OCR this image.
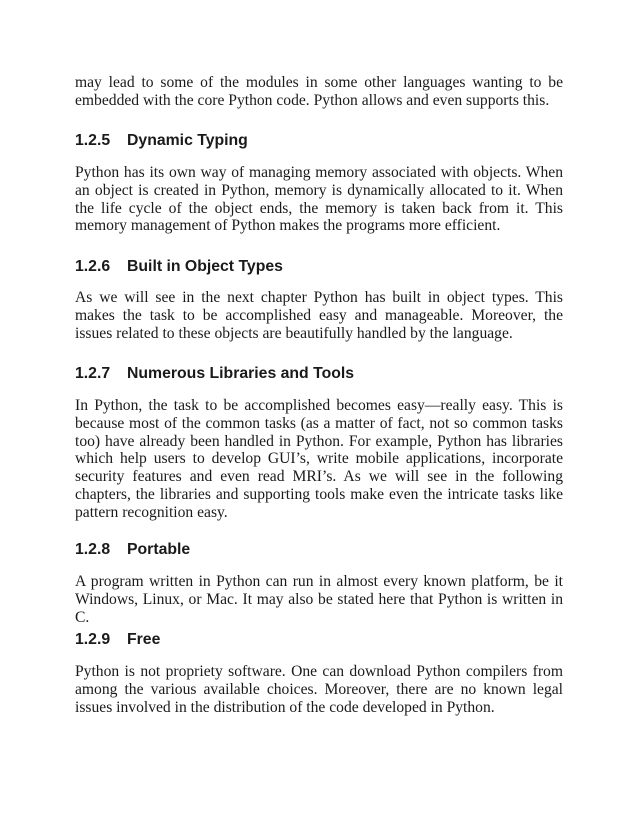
may lead to some of the modules in some other languages wanting to be embedded with the core Python code. Python allows and even supports this.

1.2.5	Dynamic Typing

Python has its own way of managing memory associated with objects. When an object is created in Python, memory is dynamically allocated to it. When the life cycle of the object ends, the memory is taken back from it. This memory management of Python makes the programs more efficient.

1.2.6	Built in Object Types

As we will see in the next chapter Python has built in object types. This makes the task to be accomplished easy and manageable. Moreover, the issues related to these objects are beautifully handled by the language.

1.2.7	Numerous Libraries and Tools

In Python, the task to be accomplished becomes easy—really easy. This is because most of the common tasks (as a matter of fact, not so common tasks too) have already been handled in Python. For example, Python has libraries which help users to develop GUI’s, write mobile applications, incorporate security features and even read MRI’s. As we will see in the following chapters, the libraries and supporting tools make even the intricate tasks like pattern recognition easy.

1.2.8	Portable

A program written in Python can run in almost every known platform, be it Windows, Linux, or Mac. It may also be stated here that Python is written in C.

1.2.9	Free

Python is not propriety software. One can download Python compilers from among the various available choices. Moreover, there are no known legal issues involved in the distribution of the code developed in Python.
